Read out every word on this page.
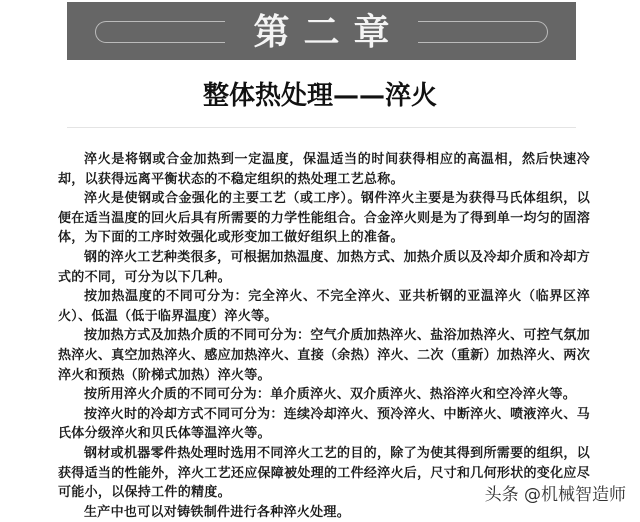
第二章
整体热处理——淬火

淬火是将钢或合金加热到一定温度，保温适当的时间获得相应的高温相，然后快速冷却，以获得远离平衡状态的不稳定组织的热处理工艺总称。

淬火是使钢或合金强化的主要工艺（或工序）。钢件淬火主要是为获得马氏体组织，以便在适当温度的回火后具有所需要的力学性能组合。合金淬火则是为了得到单一均匀的固溶体，为下面的工序时效强化或形变加工做好组织上的准备。

钢的淬火工艺种类很多，可根据加热温度、加热方式、加热介质以及冷却介质和冷却方式的不同，可分为以下几种。

按加热温度的不同可分为：完全淬火、不完全淬火、亚共析钢的亚温淬火（临界区淬火）、低温（低于临界温度）淬火等。

按加热方式及加热介质的不同可分为：空气介质加热淬火、盐浴加热淬火、可控气氛加热淬火、真空加热淬火、感应加热淬火、直接（余热）淬火、二次（重新）加热淬火、两次淬火和预热（阶梯式加热）淬火等。

按所用淬火介质的不同可分为：单介质淬火、双介质淬火、热浴淬火和空冷淬火等。

按淬火时的冷却方式不同可分为：连续冷却淬火、预冷淬火、中断淬火、喷液淬火、马氏体分级淬火和贝氏体等温淬火等。

钢材或机器零件热处理时选用不同淬火工艺的目的，除了为使其得到所需要的组织，以获得适当的性能外，淬火工艺还应保障被处理的工件经淬火后，尺寸和几何形状的变化应尽可能小，以保持工件的精度。

生产中也可以对铸铁制件进行各种淬火处理。

头条 @机械智造师
